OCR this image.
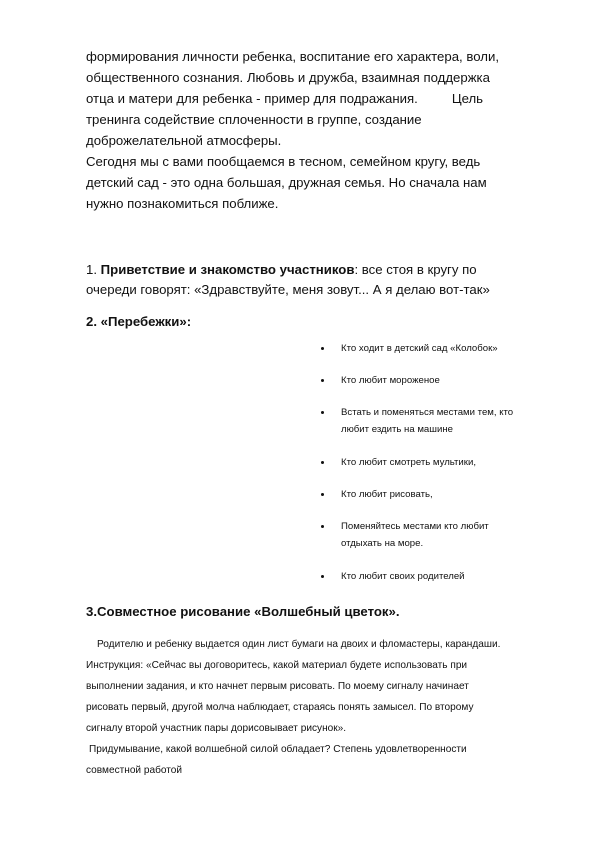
формирования личности ребенка, воспитание его характера, воли,
общественного сознания. Любовь и дружба, взаимная поддержка
отца и матери для ребенка - пример для подражания.	Цель
тренинга содействие сплоченности в группе, создание
доброжелательной атмосферы.
Сегодня мы с вами пообщаемся в тесном, семейном кругу, ведь
детский сад - это одна большая, дружная семья. Но сначала нам
нужно познакомиться поближе.
1. Приветствие и знакомство участников: все стоя в кругу по
очереди говорят: «Здравствуйте, меня зовут... А я делаю вот-так»
2. «Перебежки»:
Кто ходит в детский сад «Колобок»
Кто любит мороженое
Встать и поменяться местами тем, кто
любит ездить на машине
Кто любит смотреть мультики,
Кто любит рисовать,
Поменяйтесь местами кто любит
отдыхать на море.
Кто любит своих родителей
3.Совместное рисование «Волшебный цветок».
Родителю и ребенку выдается один лист бумаги на двоих и фломастеры, карандаши.
Инструкция: «Сейчас вы договоритесь, какой материал будете использовать при
выполнении задания, и кто начнет первым рисовать. По моему сигналу начинает
рисовать первый, другой молча наблюдает, стараясь понять замысел. По второму
сигналу второй участник пары дорисовывает рисунок».
Придумывание, какой волшебной силой обладает? Степень удовлетворенности
совместной работой
